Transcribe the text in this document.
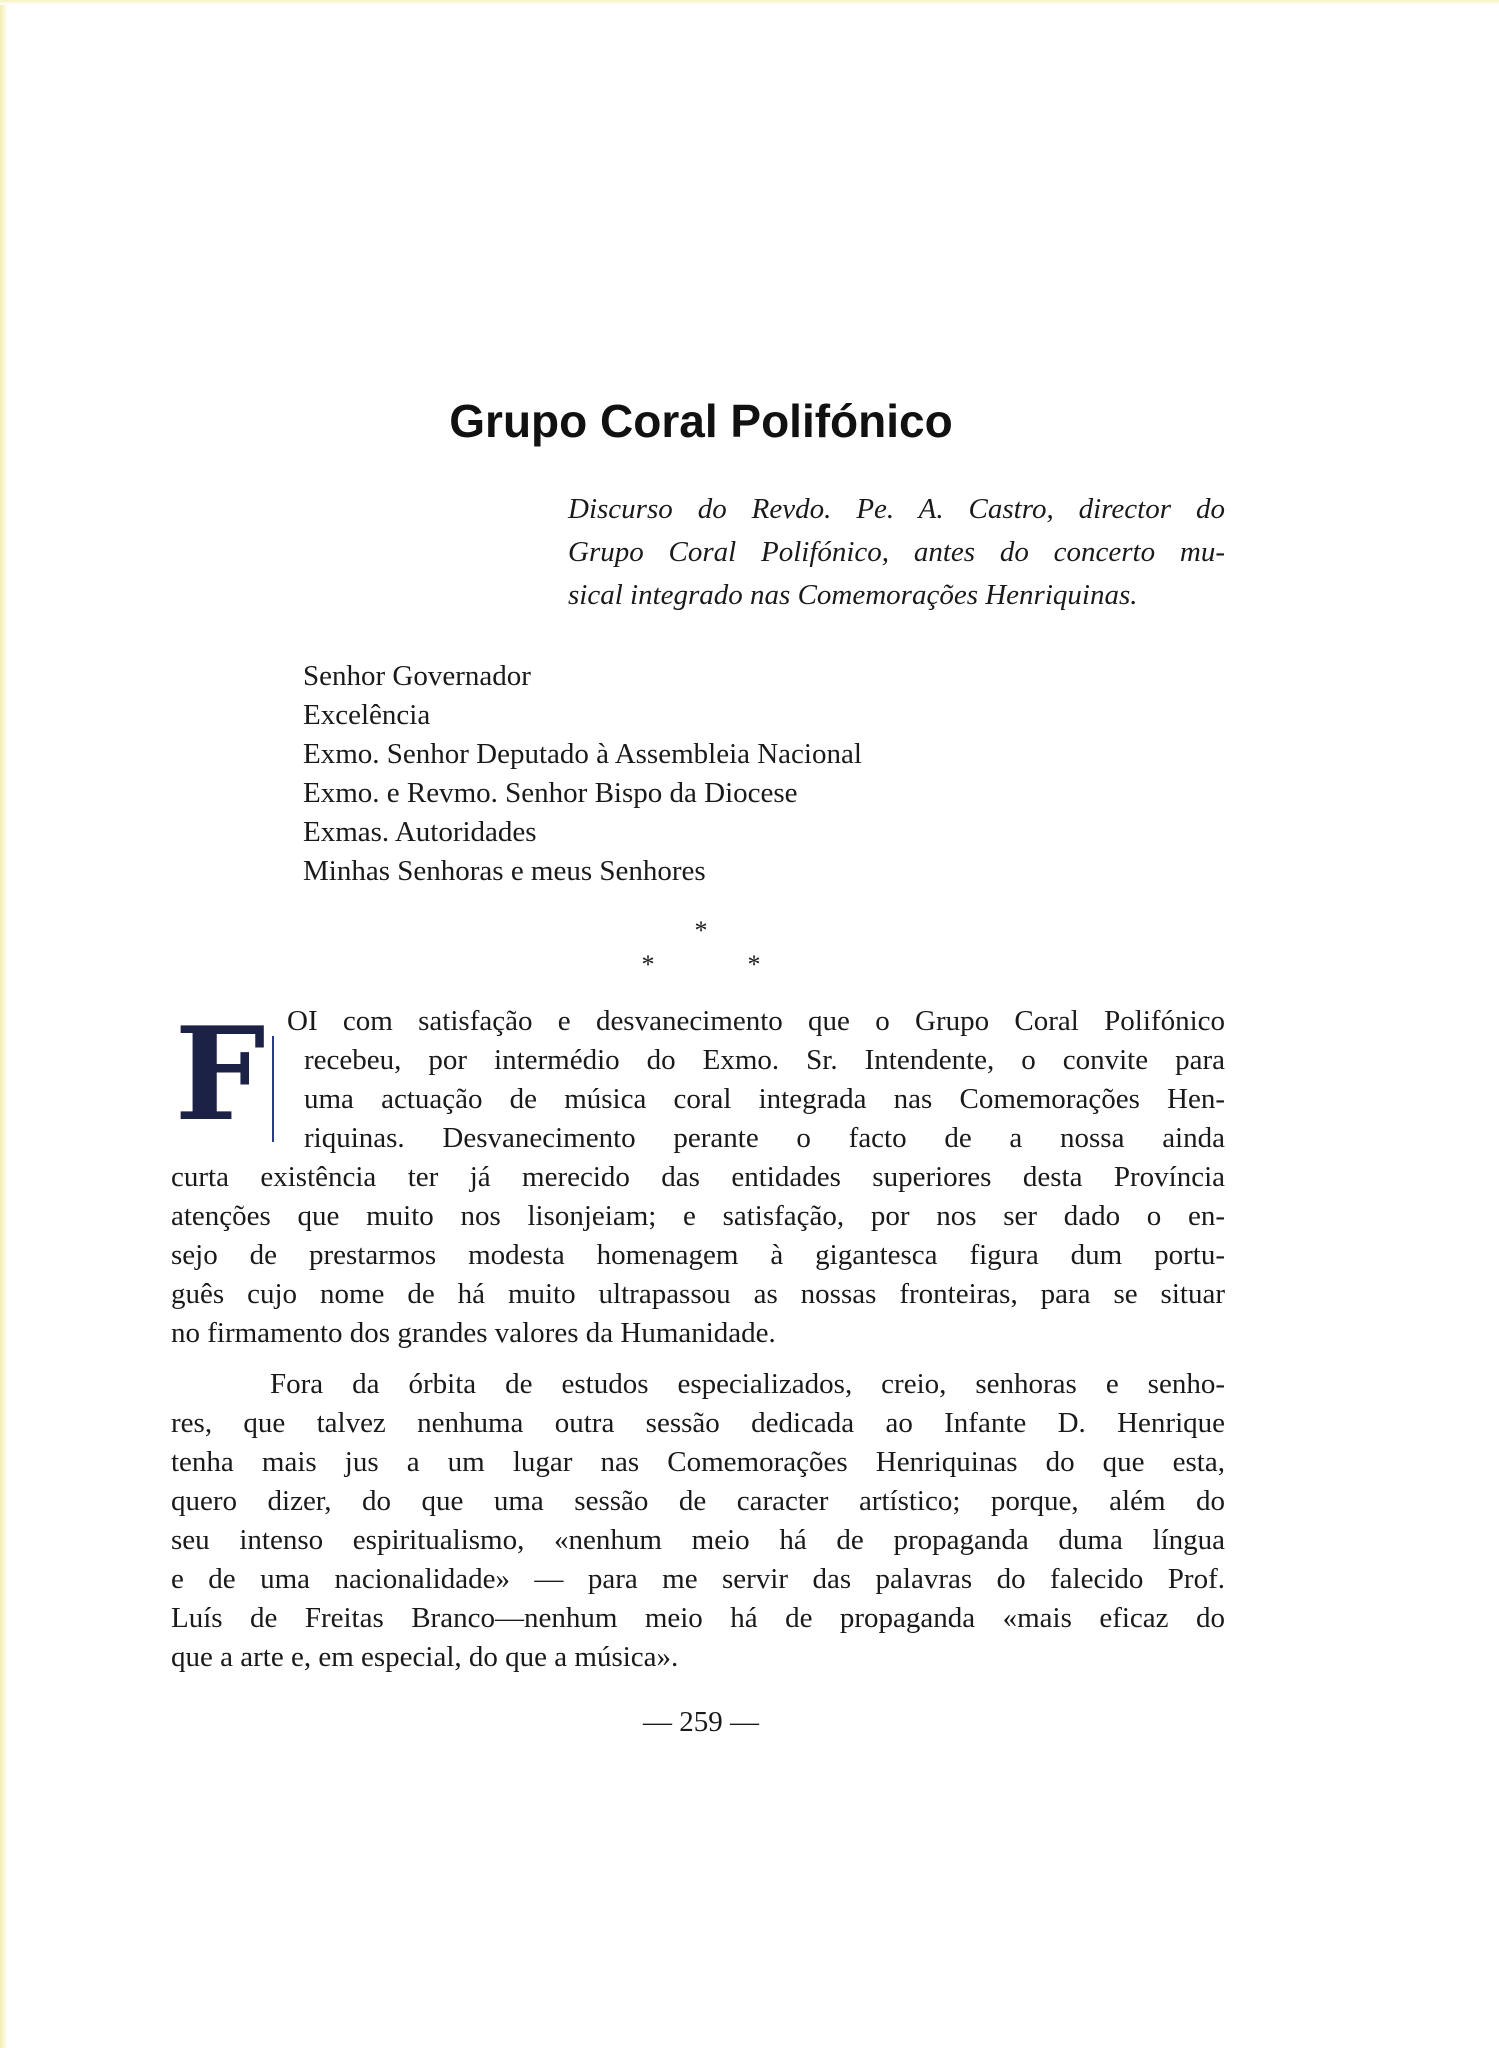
Grupo Coral Polifónico
Discurso do Revdo. Pe. A. Castro, director do
Grupo Coral Polifónico, antes do concerto mu-
sical integrado nas Comemorações Henriquinas.
Senhor Governador
Excelência
Exmo. Senhor Deputado à Assembleia Nacional
Exmo. e Revmo. Senhor Bispo da Diocese
Exmas. Autoridades
Minhas Senhoras e meus Senhores
*
*  *
F OI com satisfação e desvanecimento que o Grupo Coral Polifónico
recebeu, por intermédio do Exmo. Sr. Intendente, o convite para
uma actuação de música coral integrada nas Comemorações Hen-
riquinas. Desvanecimento perante o facto de a nossa ainda
curta existência ter já merecido das entidades superiores desta Província
atenções que muito nos lisonjeiam; e satisfação, por nos ser dado o en-
sejo de prestarmos modesta homenagem à gigantesca figura dum portu-
guês cujo nome de há muito ultrapassou as nossas fronteiras, para se situar
no firmamento dos grandes valores da Humanidade.
Fora da órbita de estudos especializados, creio, senhoras e senho-
res, que talvez nenhuma outra sessão dedicada ao Infante D. Henrique
tenha mais jus a um lugar nas Comemorações Henriquinas do que esta,
quero dizer, do que uma sessão de caracter artístico; porque, além do
seu intenso espiritualismo, «nenhum meio há de propaganda duma língua
e de uma nacionalidade» — para me servir das palavras do falecido Prof.
Luís de Freitas Branco—nenhum meio há de propaganda «mais eficaz do
que a arte e, em especial, do que a música».
— 259 —
